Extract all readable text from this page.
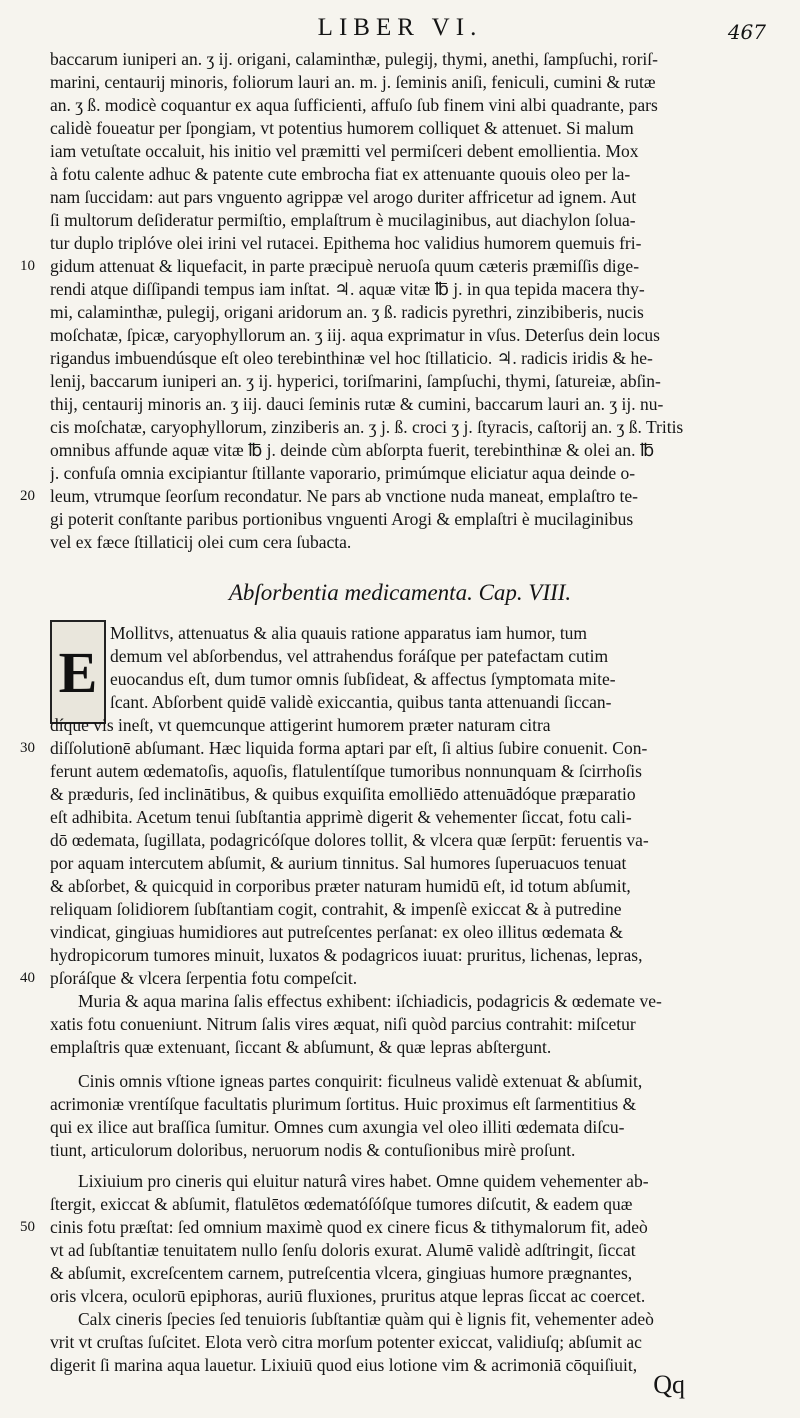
LIBER VI.	467
baccarum iuniperi an. ʒ ij. origani, calaminthæ, pulegij, thymi, anethi, ſampſuchi, roriſ-
marini, centaurij minoris, foliorum lauri an. m. j. ſeminis aniſi, feniculi, cumini & rutæ
an. ʒ ß. modicè coquantur ex aqua ſufficienti, affuſo ſub finem vini albi quadrante, pars
calidè foueatur per ſpongiam, vt potentius humorem colliquet & attenuet. Si malum
iam vetuſtate occaluit, his initio vel præmitti vel permiſceri debent emollientia. Mox
à fotu calente adhuc & patente cute embrocha fiat ex attenuante quouis oleo per la-
nam ſuccidam: aut pars vnguento agrippæ vel arogo duriter affricetur ad ignem. Aut
ſi multorum deſideratur permiſtio, emplaſtrum è mucilaginibus, aut diachylon ſolua-
tur duplo triplóve olei irini vel rutacei. Epithema hoc validius humorem quemuis fri-
gidum attenuat & liquefacit, in parte præcipuè neruoſa quum cæteris præmiſſis dige-
rendi atque diſſipandi tempus iam inſtat. ♃. aquæ vitæ ℔ j. in qua tepida macera thy-
mi, calaminthæ, pulegij, origani aridorum an. ʒ ß. radicis pyrethri, zinzibiberis, nucis
moſchatæ, ſpicæ, caryophyllorum an. ʒ iij. aqua exprimatur in vſus. Deterſus dein locus
rigandus imbuendúsque eſt oleo terebinthinæ vel hoc ſtillaticio. ♃. radicis iridis & he-
lenij, baccarum iuniperi an. ʒ ij. hyperici, toriſmarini, ſampſuchi, thymi, ſatureiæ, abſin-
thij, centaurij minoris an. ʒ iij. dauci ſeminis rutæ & cumini, baccarum lauri an. ʒ ij. nu-
cis moſchatæ, caryophyllorum, zinziberis an. ʒ j. ß. croci ʒ j. ſtyracis, caſtorij an. ʒ ß. Tritis
omnibus affunde aquæ vitæ ℔ j. deinde cùm abſorpta fuerit, terebinthinæ & olei an. ℔
j. confuſa omnia excipiantur ſtillante vaporario, primúmque eliciatur aqua deinde o-
leum, vtrumque ſeorſum recondatur. Ne pars ab vnctione nuda maneat, emplaſtro te-
gi poterit conſtante paribus portionibus vnguenti Arogi & emplaſtri è mucilaginibus
vel ex fæce ſtillaticij olei cum cera ſubacta.
Abſorbentia medicamenta. Cap. VIII.
E
Mollitvs, attenuatus & alia quauis ratione apparatus iam humor, tum
demum vel abſorbendus, vel attrahendus foráſque per patefactam cutim
euocandus eſt, dum tumor omnis ſubſideat, & affectus ſymptomata mite-
ſcant. Abſorbent quidē validè exiccantia, quibus tanta attenuandi ſiccan-
díque vis ineſt, vt quemcunque attigerint humorem præter naturam citra
diſſolutionē abſumant. Hæc liquida forma aptari par eſt, ſi altius ſubire conuenit. Con-
ferunt autem œdematoſis, aquoſis, flatulentíſque tumoribus nonnunquam & ſcirrhoſis
& præduris, ſed inclinātibus, & quibus exquiſita emolliēdo attenuādóque præparatio
eſt adhibita. Acetum tenui ſubſtantia apprimè digerit & vehementer ſiccat, fotu cali-
dō œdemata, ſugillata, podagricóſque dolores tollit, & vlcera quæ ſerpūt: feruentis va-
por aquam intercutem abſumit, & aurium tinnitus. Sal humores ſuperuacuos tenuat
& abſorbet, & quicquid in corporibus præter naturam humidū eſt, id totum abſumit,
reliquam ſolidiorem ſubſtantiam cogit, contrahit, & impenſè exiccat & à putredine
vindicat, gingiuas humidiores aut putreſcentes perſanat: ex oleo illitus œdemata &
hydropicorum tumores minuit, luxatos & podagricos iuuat: pruritus, lichenas, lepras,
pſoráſque & vlcera ſerpentia fotu compeſcit.
Muria & aqua marina ſalis effectus exhibent: iſchiadicis, podagricis & œdemate ve-
xatis fotu conueniunt. Nitrum ſalis vires æquat, niſi quòd parcius contrahit: miſcetur
emplaſtris quæ extenuant, ſiccant & abſumunt, & quæ lepras abſtergunt.
Cinis omnis vſtione igneas partes conquirit: ficulneus validè extenuat & abſumit,
acrimoniæ vrentíſque facultatis plurimum ſortitus. Huic proximus eſt ſarmentitius &
qui ex ilice aut braſſica ſumitur. Omnes cum axungia vel oleo illiti œdemata diſcu-
tiunt, articulorum doloribus, neruorum nodis & contuſionibus mirè proſunt.
Lixiuium pro cineris qui eluitur naturâ vires habet. Omne quidem vehementer ab-
ſtergit, exiccat & abſumit, flatulētos œdematóſóſque tumores diſcutit, & eadem quæ
cinis fotu præſtat: ſed omnium maximè quod ex cinere ficus & tithymalorum fit, adeò
vt ad ſubſtantiæ tenuitatem nullo ſenſu doloris exurat. Alumē validè adſtringit, ſiccat
& abſumit, excreſcentem carnem, putreſcentia vlcera, gingiuas humore prægnantes,
oris vlcera, oculorū epiphoras, auriū fluxiones, pruritus atque lepras ſiccat ac coercet.
Calx cineris ſpecies ſed tenuioris ſubſtantiæ quàm qui è lignis fit, vehementer adeò
vrit vt cruſtas ſuſcitet. Elota verò citra morſum potenter exiccat, validiuſq; abſumit ac
digerit ſi marina aqua lauetur. Lixiuiū quod eius lotione vim & acrimoniā cōquiſiuit,
10
20
30
40
50
Qq
